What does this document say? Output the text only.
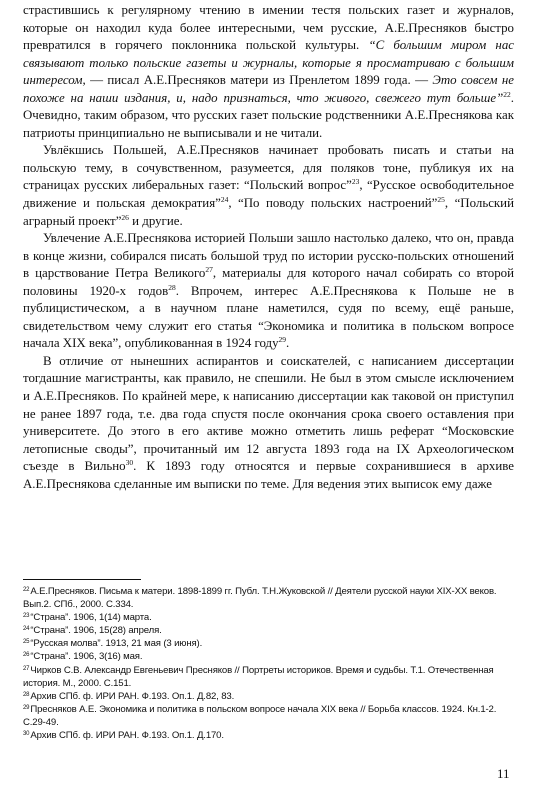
страстившись к регулярному чтению в имении тестя польских газет и журналов, которые он находил куда более интересными, чем русские, А.Е.Пресняков быстро превратился в горячего поклонника польской культуры. “С большим миром нас связывают только польские газеты и журналы, которые я просматриваю с большим интересом, — писал А.Е.Пресняков матери из Пренлетом 1899 года. — Это совсем не похоже на наши издания, и, надо признаться, что живого, свежего тут больше”$^{22}$. Очевидно, таким образом, что русских газет польские родственники А.Е.Преснякова как патриоты принципиально не выписывали и не читали.

Увлёкшись Польшей, А.Е.Пресняков начинает пробовать писать и статьи на польскую тему, в сочувственном, разумеется, для поляков тоне, публикуя их на страницах русских либеральных газет: “Польский вопрос”$^{23}$, “Русское освободительное движение и польская демократия”$^{24}$, “По поводу польских настроений”$^{25}$, “Польский аграрный проект”$^{26}$ и другие.

Увлечение А.Е.Преснякова историей Польши зашло настолько далеко, что он, правда в конце жизни, собирался писать большой труд по истории русско-польских отношений в царствование Петра Великого$^{27}$, материалы для которого начал собирать со второй половины 1920-х годов$^{28}$. Впрочем, интерес А.Е.Преснякова к Польше не в публицистическом, а в научном плане наметился, судя по всему, ещё раньше, свидетельством чему служит его статья “Экономика и политика в польском вопросе начала XIX века”, опубликованная в 1924 году$^{29}$.

В отличие от нынешних аспирантов и соискателей, с написанием диссертации тогдашние магистранты, как правило, не спешили. Не был в этом смысле исключением и А.Е.Пресняков. По крайней мере, к написанию диссертации как таковой он приступил не ранее 1897 года, т.е. два года спустя после окончания срока своего оставления при университете. До этого в его активе можно отметить лишь реферат “Московские летописные своды”, прочитанный им 12 августа 1893 года на IX Археологическом съезде в Вильно$^{30}$. К 1893 году относятся и первые сохранившиеся в архиве А.Е.Преснякова сделанные им выписки по теме. Для ведения этих выписок ему даже

$^{22}$А.Е.Пресняков. Письма к матери. 1898-1899 гг. Публ. Т.Н.Жуковской // Деятели русской науки XIX-XX веков. Вып.2. СПб., 2000. С.334.

$^{23}$“Страна”. 1906, 1(14) марта.

$^{24}$“Страна”. 1906, 15(28) апреля.

$^{25}$“Русская молва”. 1913, 21 мая (3 июня).

$^{26}$“Страна”. 1906, 3(16) мая.

$^{27}$Чирков С.В. Александр Евгеньевич Пресняков // Портреты историков. Время и судьбы. Т.1. Отечественная история. М., 2000. С.151.

$^{28}$Архив СПб. ф. ИРИ РАН. Ф.193. Оп.1. Д.82, 83.

$^{29}$Пресняков А.Е. Экономика и политика в польском вопросе начала XIX века // Борьба классов. 1924. Кн.1-2. С.29-49.

$^{30}$Архив СПб. ф. ИРИ РАН. Ф.193. Оп.1. Д.170.

11
